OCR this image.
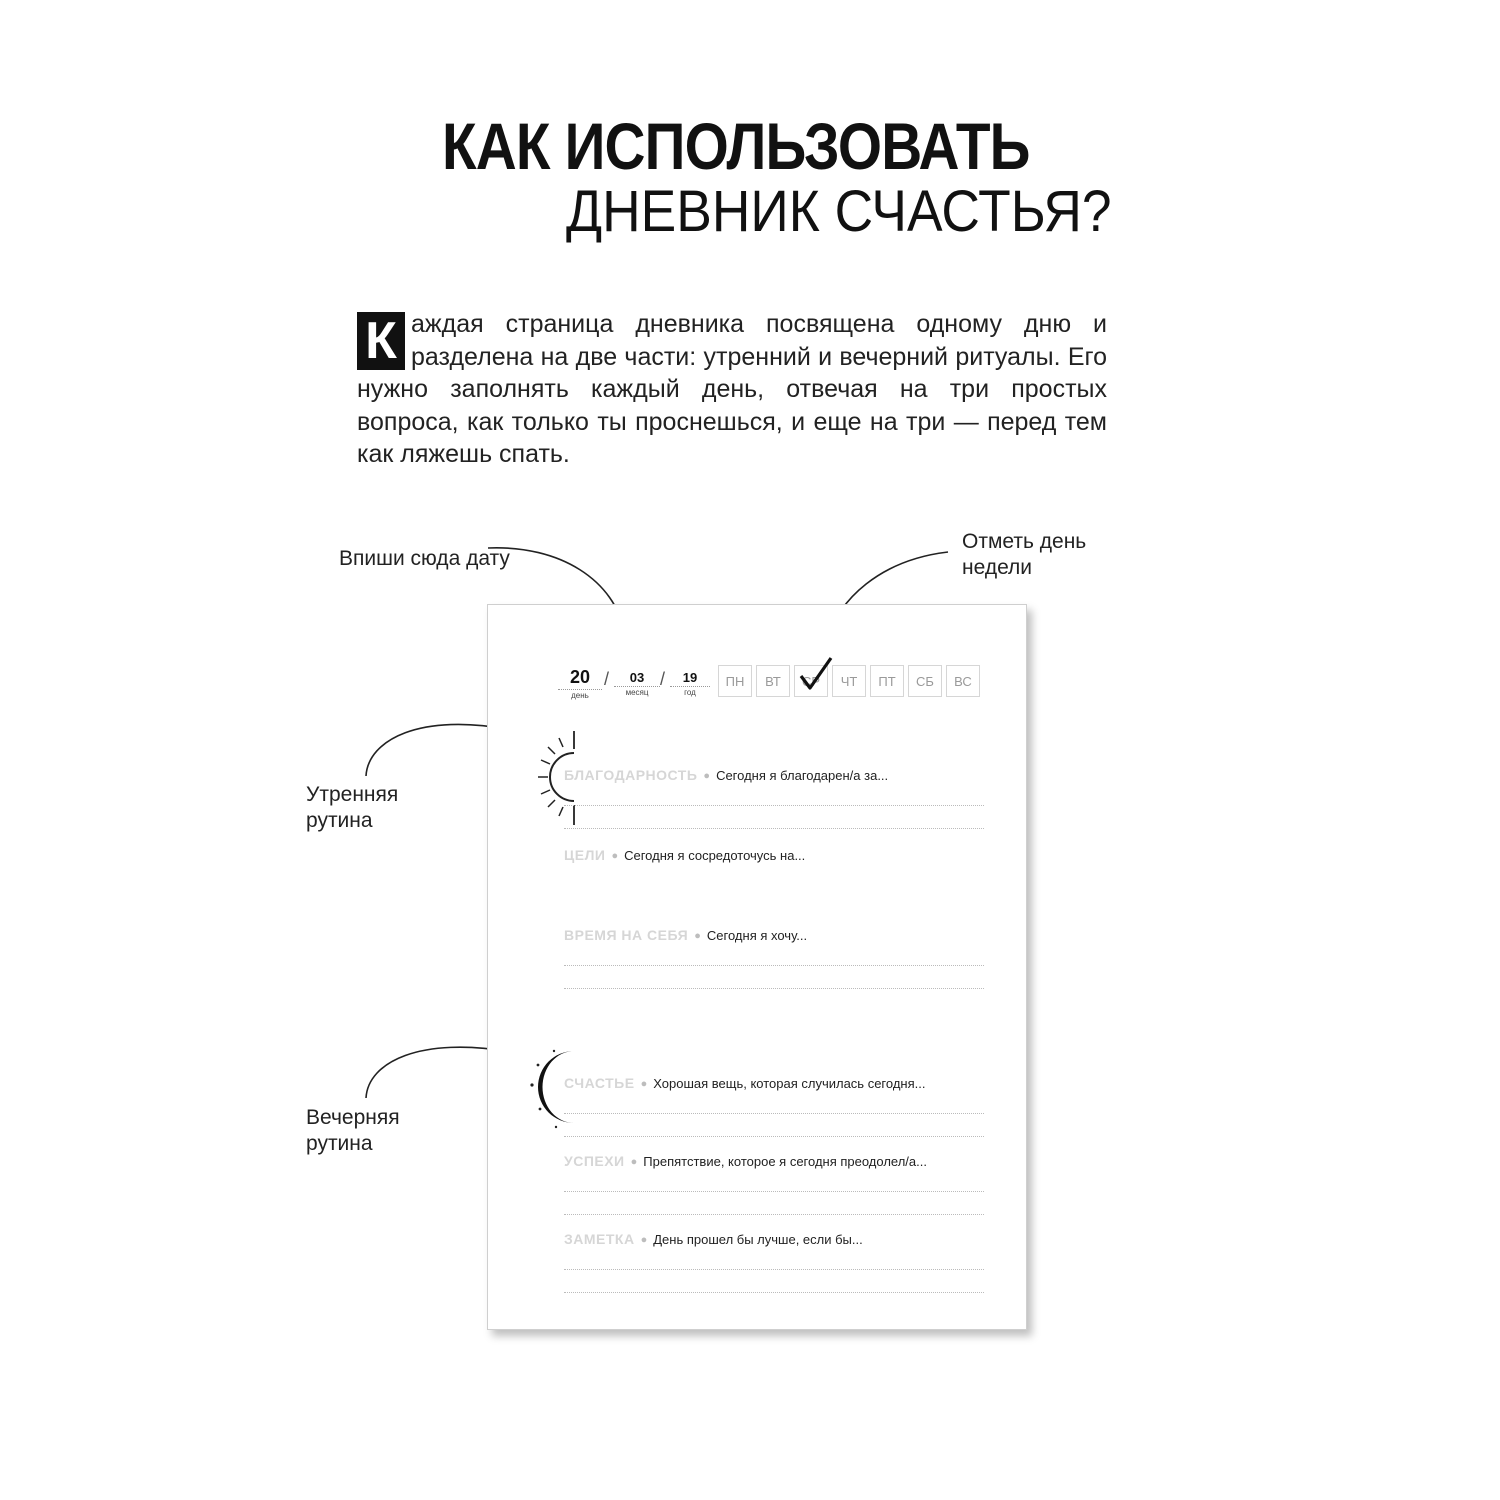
КАК ИСПОЛЬЗОВАТЬ
ДНЕВНИК СЧАСТЬЯ?
К аждая страница дневника посвящена одному дню и разделена на две части: утренний и вечерний ритуалы. Его нужно заполнять каждый день, отвечая на три простых вопроса, как только ты проснешься, и еще на три — перед тем как ляжешь спать.
Впиши сюда дату
Отметь день
недели
Утренняя
рутина
Вечерняя
рутина
20
день
/	03
месяц
/	19
год
ПН	ВТ	СР	ЧТ	ПТ	СБ	ВС
БЛАГОДАРНОСТЬ ● Сегодня я благодарен/а за...
ЦЕЛИ ● Сегодня я сосредоточусь на...
ВРЕМЯ НА СЕБЯ ● Сегодня я хочу...
СЧАСТЬЕ ● Хорошая вещь, которая случилась сегодня...
УСПЕХИ ● Препятствие, которое я сегодня преодолел/а...
ЗАМЕТКА ● День прошел бы лучше, если бы...
